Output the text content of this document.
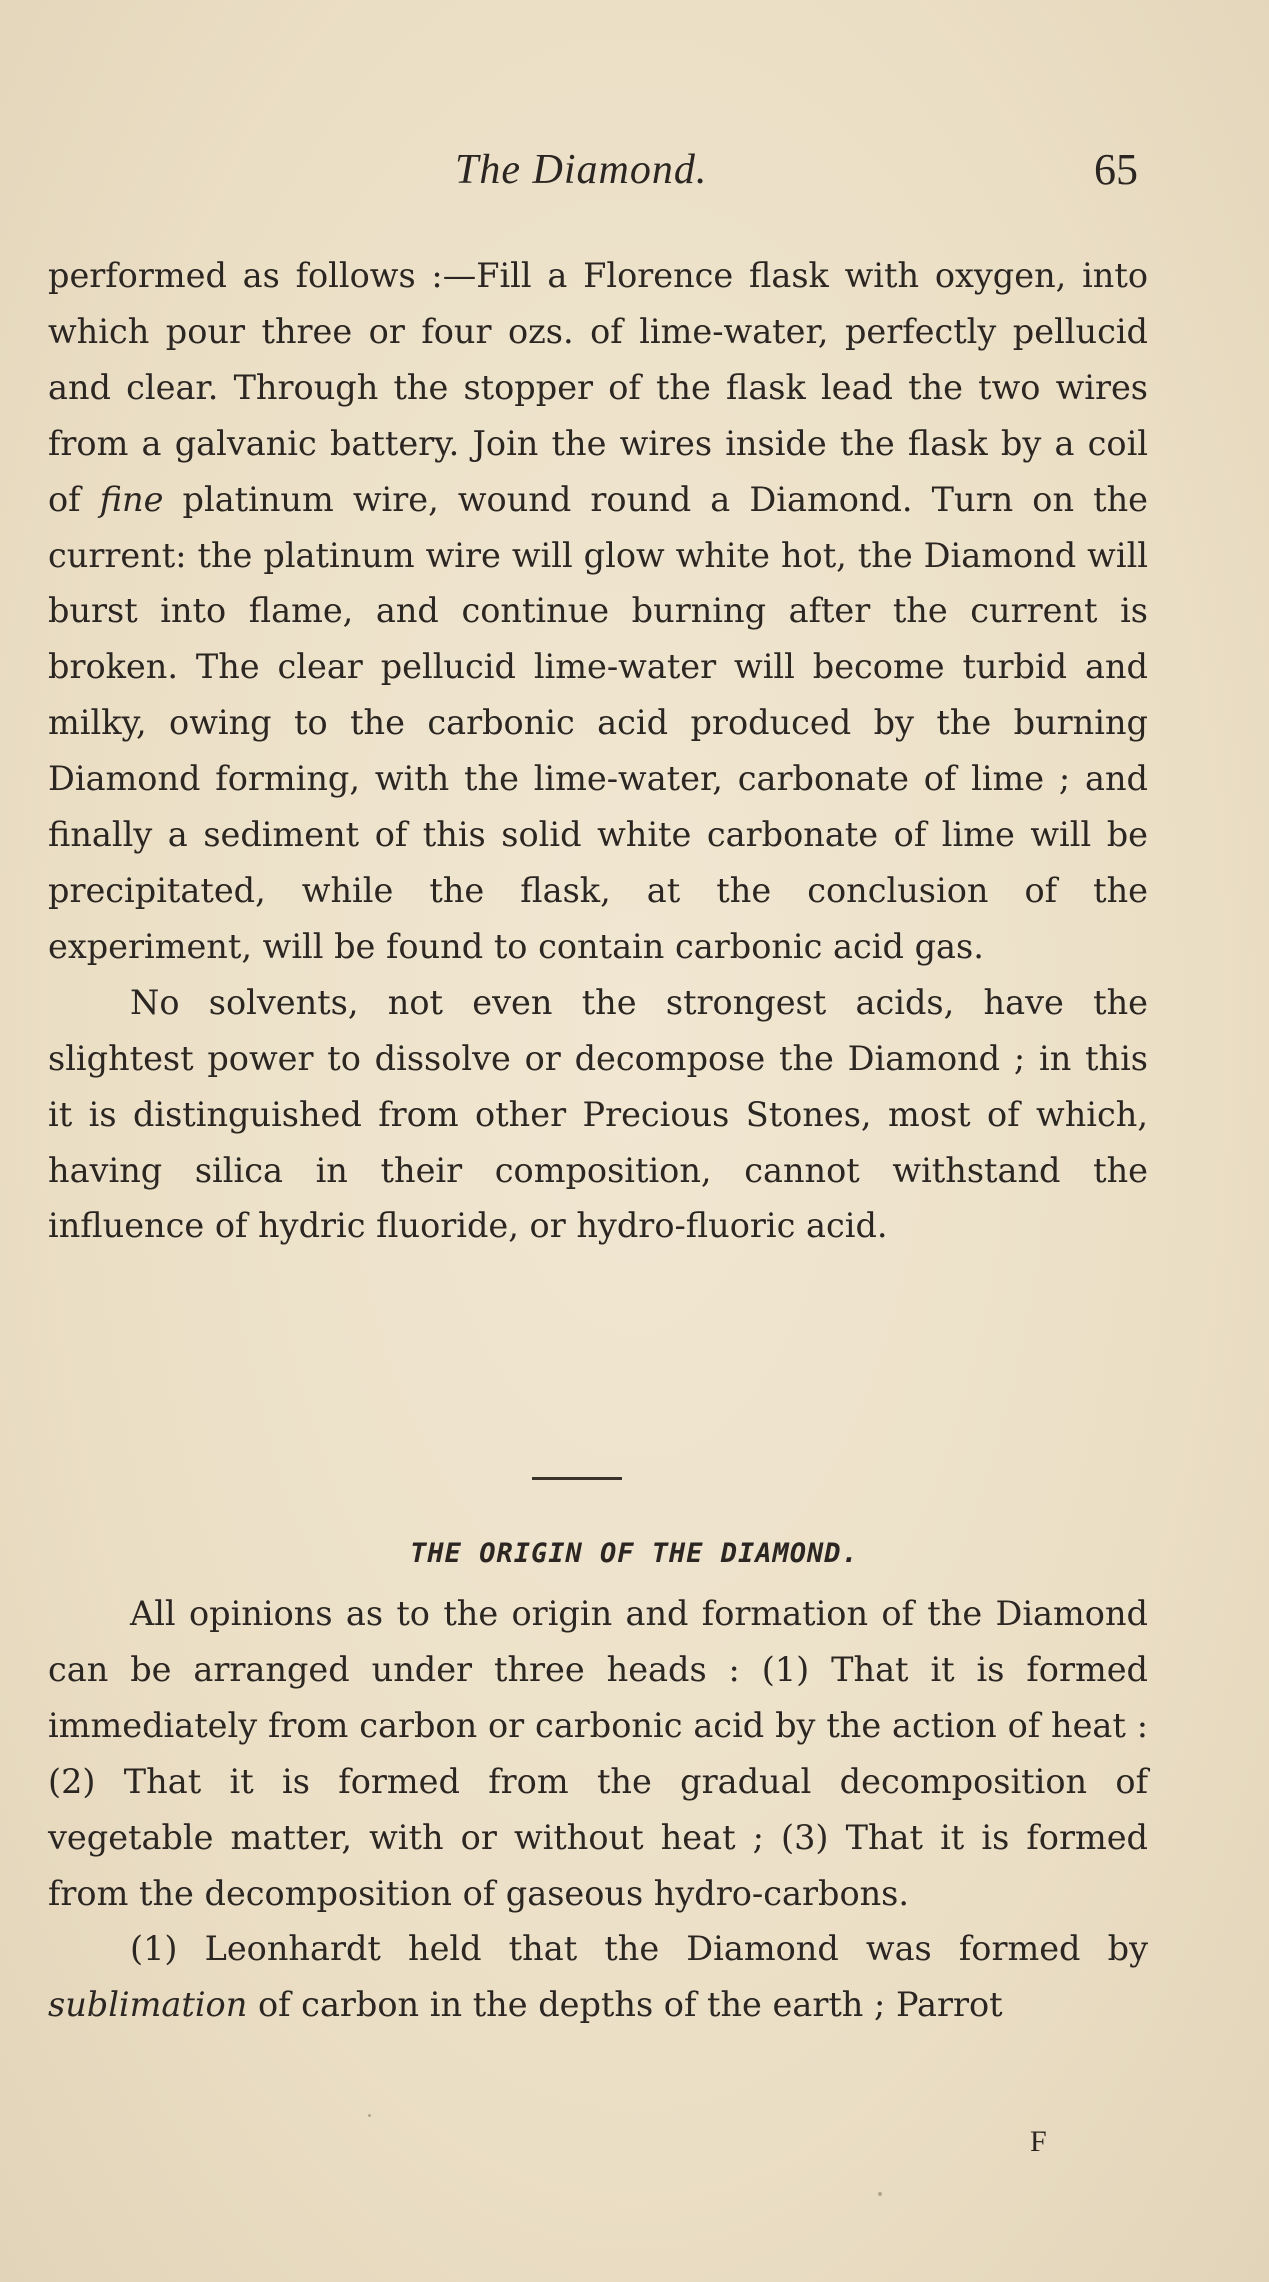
The Diamond.	65

performed as follows :—Fill a Florence flask with oxygen, into which pour three or four ozs. of lime-water, perfectly pellucid and clear. Through the stopper of the flask lead the two wires from a galvanic battery. Join the wires inside the flask by a coil of fine platinum wire, wound round a Diamond. Turn on the current: the platinum wire will glow white hot, the Diamond will burst into flame, and continue burning after the current is broken. The clear pellucid lime-water will become turbid and milky, owing to the carbonic acid produced by the burning Diamond forming, with the lime-water, carbonate of lime ; and finally a sediment of this solid white carbonate of lime will be precipitated, while the flask, at the conclusion of the experiment, will be found to contain carbonic acid gas.

No solvents, not even the strongest acids, have the slightest power to dissolve or decompose the Diamond ; in this it is distinguished from other Precious Stones, most of which, having silica in their composition, cannot withstand the influence of hydric fluoride, or hydro-fluoric acid.

THE ORIGIN OF THE DIAMOND.

All opinions as to the origin and formation of the Diamond can be arranged under three heads : (1) That it is formed immediately from carbon or carbonic acid by the action of heat : (2) That it is formed from the gradual decomposition of vegetable matter, with or without heat ; (3) That it is formed from the decomposition of gaseous hydro-carbons.

(1) Leonhardt held that the Diamond was formed by sublimation of carbon in the depths of the earth ; Parrot

F
